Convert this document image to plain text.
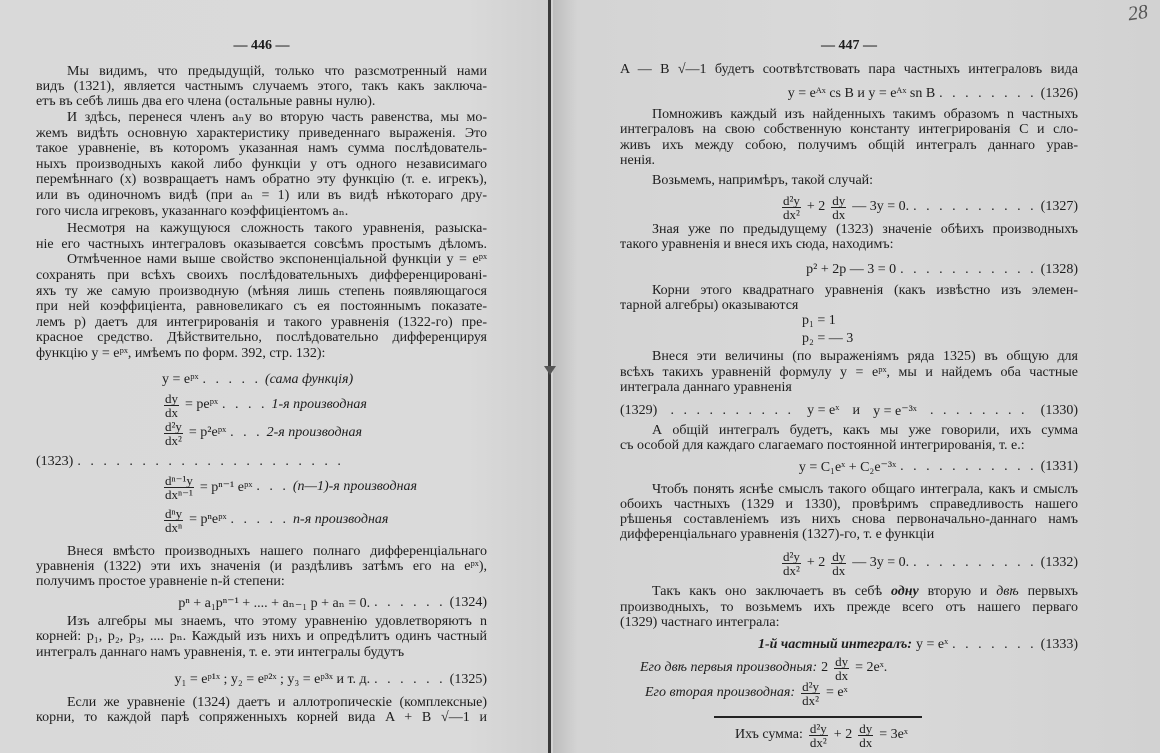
— 446 —
Мы видимъ, что предыдущій, только что разсмотренный нами
видъ (1321), является частнымъ случаемъ этого, такъ какъ заключа-
етъ въ себѣ лишь два его члена (остальные равны нулю).
И здѣсь, перенеся членъ aₙy во вторую часть равенства, мы мо-
жемъ видѣть основную характеристику приведеннаго выраженія. Это
такое уравненіе, въ которомъ указанная намъ сумма послѣдователь-
ныхъ производныхъ какой либо функціи y отъ одного независимаго
перемѣннаго (x) возвращаетъ намъ обратно эту функцію (т. е. игрекъ),
или въ одиночномъ видѣ (при aₙ = 1) или въ видѣ нѣкотораго дру-
гого числа игрековъ, указаннаго коэффиціентомъ aₙ.
Несмотря на кажущуюся сложность такого уравненія, разыска-
ніе его частныхъ интеграловъ оказывается совсѣмъ простымъ дѣломъ.
Отмѣченное нами выше свойство экспоненціальной функціи y = eᵖˣ
сохранять при всѣхъ своихъ послѣдовательныхъ дифференцировані-
яхъ ту же самую производную (мѣняя лишь степень появляющагося
при ней коэффиціента, равновеликаго съ ея постояннымъ показате-
лемъ p) даетъ для интегрированія и такого уравненія (1322-го) пре-
красное средство. Дѣйствительно, послѣдовательно дифференцируя
функцію y = eᵖˣ, имѣемъ по форм. 392, стр. 132):
y = eᵖˣ . . . . . (сама функція)
$\frac{dy}{dx}$ = peᵖˣ . . . . 1-я производная
$\frac{\text{d²y}}{\text{dx²}}$ = p²eᵖˣ . . . 2-я производная
(1323) . . . . . . . . . . . . . . . . . . . . .
$\frac{\text{dⁿ⁻¹y}}{\text{dxⁿ⁻¹}} = p^{n-1}$ eᵖˣ . . . (n—1)-я производная
$\frac{\text{dⁿy}}{\text{dxⁿ}}$ = pⁿeᵖˣ . . . . . n-я производная
Внеся вмѣсто производныхъ нашего полнаго дифференціальнаго
уравненія (1322) эти ихъ значенія (и раздѣливъ затѣмъ его на eᵖˣ),
получимъ простое уравненіе n-й степени:
pⁿ + a₁pⁿ⁻¹ + .... + aₙ₋₁ p + aₙ = 0. . . . . . . (1324)
Изъ алгебры мы знаемъ, что этому уравненію удовлетворяютъ n
корней: p₁, p₂, p₃, .... pₙ. Каждый изъ нихъ и опредѣлитъ одинъ частный
интегралъ даннаго намъ уравненія, т. е. эти интегралы будутъ
y₁ = eᵖ¹ˣ ; y₂ = eᵖ²ˣ ; y₃ = eᵖ³ˣ и т. д. . . . . . . (1325)
Если же уравненіе (1324) даетъ и аллотропическіе (комплексные)
корни, то каждой парѣ сопряженныхъ корней вида A + B √—1 и
— 447 —
28
A — B √—1 будетъ соотвѣтствовать пара частныхъ интеграловъ вида
y = eᴬˣ cs B и y = eᴬˣ sn B . . . . . . . . (1326)
Помноживъ каждый изъ найденныхъ такимъ образомъ n частныхъ
интеграловъ на свою собственную константу интегрированія C и сло-
живъ ихъ между собою, получимъ общій интегралъ даннаго урав-
ненія.
Возьмемъ, напримѣръ, такой случай:
$\frac{\text{d²y}}{\text{dx²}} + 2 \frac{dy}{dx}$ — 3y = 0. . . . . . . . . . . (1327)
Зная уже по предыдущему (1323) значеніе обѣихъ производныхъ
такого уравненія и внеся ихъ сюда, находимъ:
p² + 2p — 3 = 0 . . . . . . . . . . . (1328)
Корни этого квадратнаго уравненія (какъ извѣстно изъ элемен-
тарной алгебры) оказываются
p₁ = 1
p₂ = — 3
Внеся эти величины (по выраженіямъ ряда 1325) въ общую для
всѣхъ такихъ уравненій формулу y = eᵖˣ, мы и найдемъ оба частные
интеграла даннаго уравненія
(1329) . . . . . . . . . . y = eˣ и y = e⁻³ˣ . . . . . . . . (1330)
А общій интегралъ будетъ, какъ мы уже говорили, ихъ сумма
съ особой для каждаго слагаемаго постоянной интегрированія, т. е.:
y = C₁eˣ + C₂e⁻³ˣ . . . . . . . . . . . (1331)
Чтобъ понять яснѣе смыслъ такого общаго интеграла, какъ и смыслъ
обоихъ частныхъ (1329 и 1330), провѣримъ справедливость нашего
рѣшенья составленіемъ изъ нихъ снова первоначально-даннаго намъ
дифференціальнаго уравненія (1327)-го, т. е функціи
$\frac{\text{d²y}}{\text{dx²}} + 2 \frac{dy}{dx}$ — 3y = 0. . . . . . . . . . . (1332)
Такъ какъ оно заключаетъ въ себѣ одну вторую и двѣ первыхъ
производныхъ, то возьмемъ ихъ прежде всего отъ нашего перваго
(1329) частнаго интеграла:
1-й частный интегралъ: y = eˣ . . . . . . . (1333)
Его двѣ первыя производныя: $2 \frac{dy}{dx}$ = 2eˣ.
Его вторая производная: $\frac{\text{d²y}}{\text{dx²}}$ = eˣ
Ихъ сумма: $\frac{\text{d²y}}{\text{dx²}} + 2 \frac{dy}{dx}$ = 3eˣ
